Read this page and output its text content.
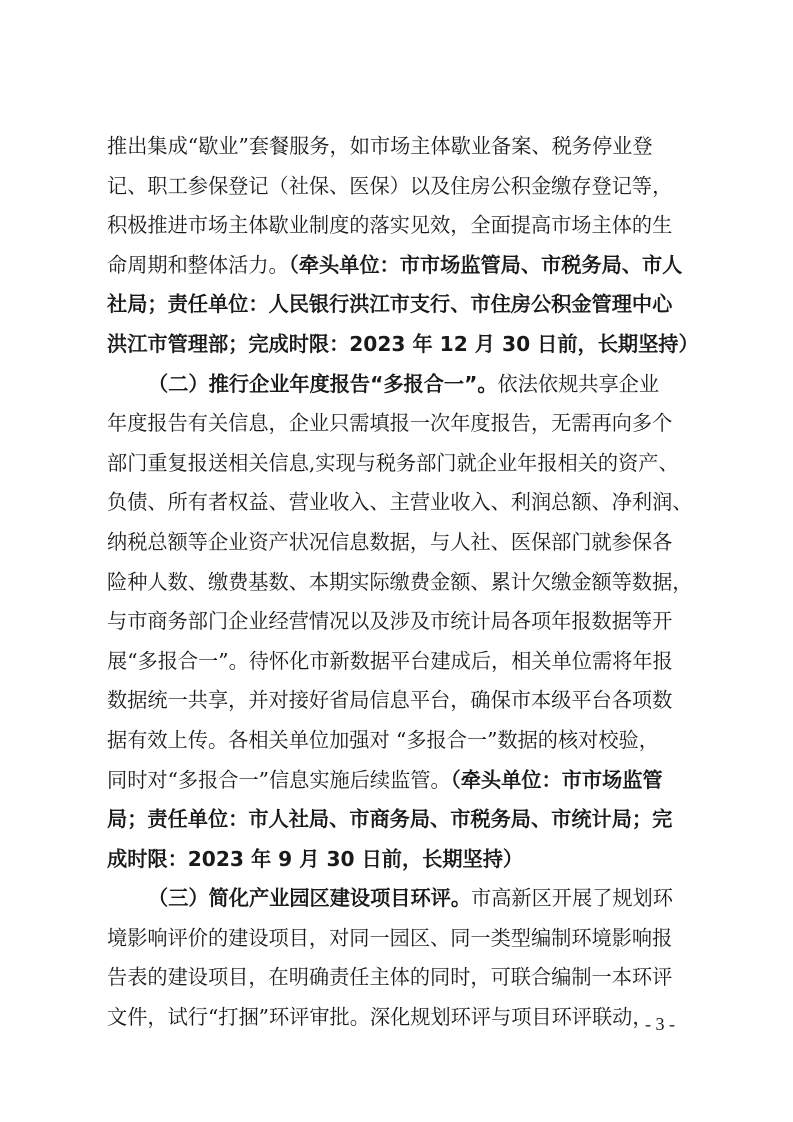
推出集成“歇业”套餐服务，如市场主体歇业备案、税务停业登

记、职工参保登记（社保、医保）以及住房公积金缴存登记等，

积极推进市场主体歇业制度的落实见效，全面提高市场主体的生

命周期和整体活力。（牵头单位：市市场监管局、市税务局、市人

社局；责任单位：人民银行洪江市支行、市住房公积金管理中心

洪江市管理部；完成时限：2023 年 12 月 30 日前，长期坚持）

（二）推行企业年度报告“多报合一”。依法依规共享企业

年度报告有关信息，企业只需填报一次年度报告，无需再向多个

部门重复报送相关信息,实现与税务部门就企业年报相关的资产、

负债、所有者权益、营业收入、主营业收入、利润总额、净利润、

纳税总额等企业资产状况信息数据，与人社、医保部门就参保各

险种人数、缴费基数、本期实际缴费金额、累计欠缴金额等数据，

与市商务部门企业经营情况以及涉及市统计局各项年报数据等开

展“多报合一”。待怀化市新数据平台建成后，相关单位需将年报

数据统一共享，并对接好省局信息平台，确保市本级平台各项数

据有效上传。各相关单位加强对 “多报合一”数据的核对校验，

同时对“多报合一”信息实施后续监管。（牵头单位：市市场监管

局；责任单位：市人社局、市商务局、市税务局、市统计局；完

成时限：2023 年 9 月 30 日前，长期坚持）

（三）简化产业园区建设项目环评。市高新区开展了规划环

境影响评价的建设项目，对同一园区、同一类型编制环境影响报

告表的建设项目，在明确责任主体的同时，可联合编制一本环评

文件，试行“打捆”环评审批。深化规划环评与项目环评联动，

- 3 -
